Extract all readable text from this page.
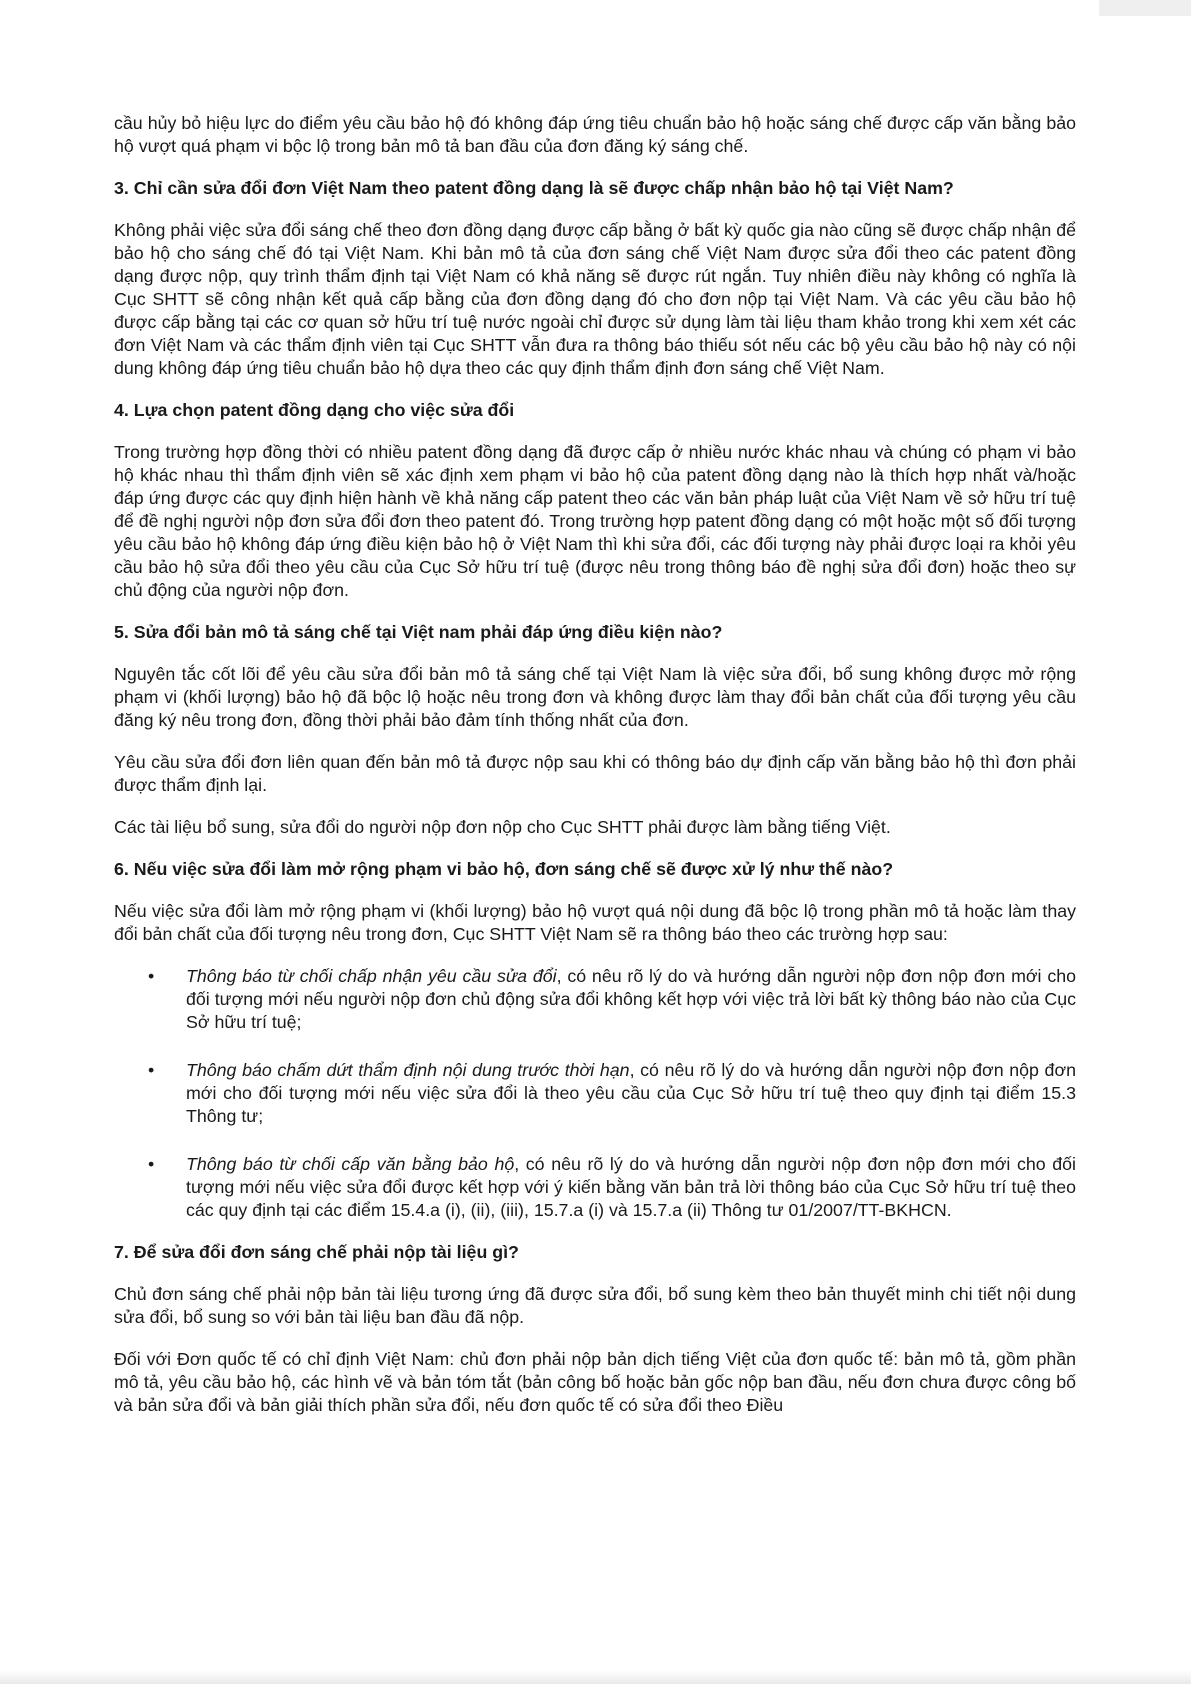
cầu hủy bỏ hiệu lực do điểm yêu cầu bảo hộ đó không đáp ứng tiêu chuẩn bảo hộ hoặc sáng chế được cấp văn bằng bảo hộ vượt quá phạm vi bộc lộ trong bản mô tả ban đầu của đơn đăng ký sáng chế.

3. Chỉ cần sửa đổi đơn Việt Nam theo patent đồng dạng là sẽ được chấp nhận bảo hộ tại Việt Nam?

Không phải việc sửa đổi sáng chế theo đơn đồng dạng được cấp bằng ở bất kỳ quốc gia nào cũng sẽ được chấp nhận để bảo hộ cho sáng chế đó tại Việt Nam. Khi bản mô tả của đơn sáng chế Việt Nam được sửa đổi theo các patent đồng dạng được nộp, quy trình thẩm định tại Việt Nam có khả năng sẽ được rút ngắn. Tuy nhiên điều này không có nghĩa là Cục SHTT sẽ công nhận kết quả cấp bằng của đơn đồng dạng đó cho đơn nộp tại Việt Nam. Và các yêu cầu bảo hộ được cấp bằng tại các cơ quan sở hữu trí tuệ nước ngoài chỉ được sử dụng làm tài liệu tham khảo trong khi xem xét các đơn Việt Nam và các thẩm định viên tại Cục SHTT vẫn đưa ra thông báo thiếu sót nếu các bộ yêu cầu bảo hộ này có nội dung không đáp ứng tiêu chuẩn bảo hộ dựa theo các quy định thẩm định đơn sáng chế Việt Nam.

4. Lựa chọn patent đồng dạng cho việc sửa đổi

Trong trường hợp đồng thời có nhiều patent đồng dạng đã được cấp ở nhiều nước khác nhau và chúng có phạm vi bảo hộ khác nhau thì thẩm định viên sẽ xác định xem phạm vi bảo hộ của patent đồng dạng nào là thích hợp nhất và/hoặc đáp ứng được các quy định hiện hành về khả năng cấp patent theo các văn bản pháp luật của Việt Nam về sở hữu trí tuệ để đề nghị người nộp đơn sửa đổi đơn theo patent đó. Trong trường hợp patent đồng dạng có một hoặc một số đối tượng yêu cầu bảo hộ không đáp ứng điều kiện bảo hộ ở Việt Nam thì khi sửa đổi, các đối tượng này phải được loại ra khỏi yêu cầu bảo hộ sửa đổi theo yêu cầu của Cục Sở hữu trí tuệ (được nêu trong thông báo đề nghị sửa đổi đơn) hoặc theo sự chủ động của người nộp đơn.

5. Sửa đổi bản mô tả sáng chế tại Việt nam phải đáp ứng điều kiện nào?

Nguyên tắc cốt lõi để yêu cầu sửa đổi bản mô tả sáng chế tại Việt Nam là việc sửa đổi, bổ sung không được mở rộng phạm vi (khối lượng) bảo hộ đã bộc lộ hoặc nêu trong đơn và không được làm thay đổi bản chất của đối tượng yêu cầu đăng ký nêu trong đơn, đồng thời phải bảo đảm tính thống nhất của đơn.

Yêu cầu sửa đổi đơn liên quan đến bản mô tả được nộp sau khi có thông báo dự định cấp văn bằng bảo hộ thì đơn phải được thẩm định lại.

Các tài liệu bổ sung, sửa đổi do người nộp đơn nộp cho Cục SHTT phải được làm bằng tiếng Việt.

6. Nếu việc sửa đổi làm mở rộng phạm vi bảo hộ, đơn sáng chế sẽ được xử lý như thế nào?

Nếu việc sửa đổi làm mở rộng phạm vi (khối lượng) bảo hộ vượt quá nội dung đã bộc lộ trong phần mô tả hoặc làm thay đổi bản chất của đối tượng nêu trong đơn, Cục SHTT Việt Nam sẽ ra thông báo theo các trường hợp sau:

• Thông báo từ chối chấp nhận yêu cầu sửa đổi, có nêu rõ lý do và hướng dẫn người nộp đơn nộp đơn mới cho đối tượng mới nếu người nộp đơn chủ động sửa đổi không kết hợp với việc trả lời bất kỳ thông báo nào của Cục Sở hữu trí tuệ;
• Thông báo chấm dứt thẩm định nội dung trước thời hạn, có nêu rõ lý do và hướng dẫn người nộp đơn nộp đơn mới cho đối tượng mới nếu việc sửa đổi là theo yêu cầu của Cục Sở hữu trí tuệ theo quy định tại điểm 15.3 Thông tư;
• Thông báo từ chối cấp văn bằng bảo hộ, có nêu rõ lý do và hướng dẫn người nộp đơn nộp đơn mới cho đối tượng mới nếu việc sửa đổi được kết hợp với ý kiến bằng văn bản trả lời thông báo của Cục Sở hữu trí tuệ theo các quy định tại các điểm 15.4.a (i), (ii), (iii), 15.7.a (i) và 15.7.a (ii) Thông tư 01/2007/TT-BKHCN.
7. Để sửa đổi đơn sáng chế phải nộp tài liệu gì?

Chủ đơn sáng chế phải nộp bản tài liệu tương ứng đã được sửa đổi, bổ sung kèm theo bản thuyết minh chi tiết nội dung sửa đổi, bổ sung so với bản tài liệu ban đầu đã nộp.

Đối với Đơn quốc tế có chỉ định Việt Nam: chủ đơn phải nộp bản dịch tiếng Việt của đơn quốc tế: bản mô tả, gồm phần mô tả, yêu cầu bảo hộ, các hình vẽ và bản tóm tắt (bản công bố hoặc bản gốc nộp ban đầu, nếu đơn chưa được công bố và bản sửa đổi và bản giải thích phần sửa đổi, nếu đơn quốc tế có sửa đổi theo Điều
